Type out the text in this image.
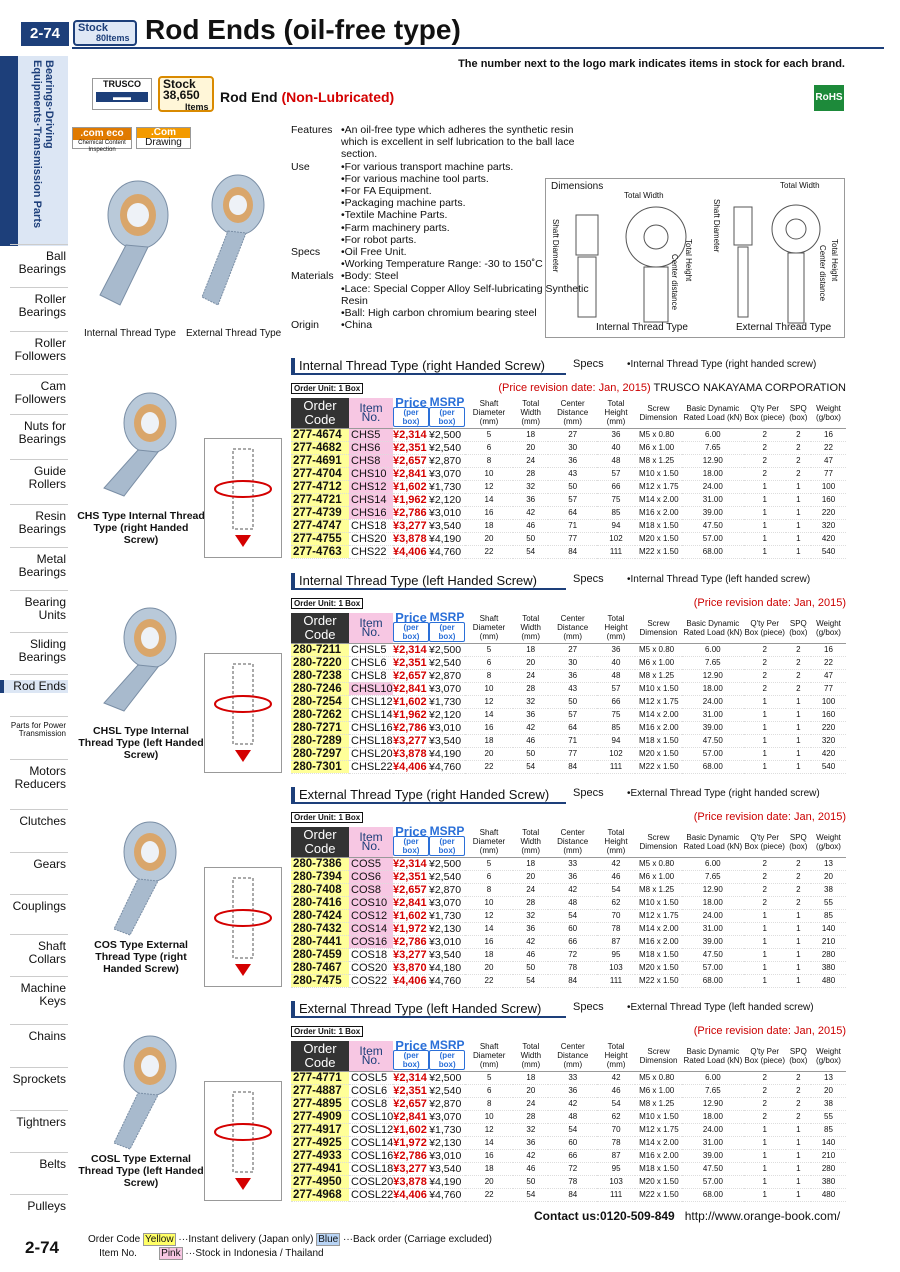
2-74	Stock
80Items Rod Ends (oil-free type)
The number next to the logo mark indicates items in stock for each brand.
Bearings·Driving Equipments·Transmission Parts	TRUSCO
▬▬
Stock
38,650
Items
Rod End (Non-Lubricated)	RoHS
.com eco
Chemical Content Inspection
.Com
Drawing
Internal Thread Type External Thread Type
Features •An oil-free type which adheres the synthetic resin which is excellent in self lubrication to the ball lace section.
Use	•For various transport machine parts.
•For various machine tool parts.
•For FA Equipment.
•Packaging machine parts.
•Textile Machine Parts.
•Farm machinery parts.
•For robot parts.
Specs	•Oil Free Unit.
•Working Temperature Range: -30 to 150˚C
Materials •Body: Steel
•Lace: Special Copper Alloy Self-lubricating Synthetic Resin
•Ball: High carbon chromium bearing steel
Origin	•China
Dimensions
Total Width
Total Width
Shaft Diameter	Total Height
Center distance
Shaft Diameter
Total Height
Center distance
Internal Thread Type	External Thread Type
Internal Thread Type (right Handed Screw)	Specs •Internal Thread Type (right handed screw)
Order Unit: 1 Box	(Price revision date: Jan, 2015) TRUSCO NAKAYAMA CORPORATION
Order Code	Item No.	Price
(per box)	MSRP
(per box)	Shaft Diameter (mm)	Total Width (mm)	Center Distance (mm)	Total Height (mm)	Screw Dimension	Basic Dynamic Rated Load (kN)	Q'ty Per Box (piece)	SPQ (box)	Weight (g/box)
277-4674	CHS5	¥2,314	¥2,500	5	18	27	36	M5 x 0.80	6.00	2	2	16
277-4682	CHS6	¥2,351	¥2,540	6	20	30	40	M6 x 1.00	7.65	2	2	22
277-4691	CHS8	¥2,657	¥2,870	8	24	36	48	M8 x 1.25	12.90	2	2	47
277-4704	CHS10	¥2,841	¥3,070	10	28	43	57	M10 x 1.50	18.00	2	2	77
277-4712	CHS12	¥1,602	¥1,730	12	32	50	66	M12 x 1.75	24.00	1	1	100
277-4721	CHS14	¥1,962	¥2,120	14	36	57	75	M14 x 2.00	31.00	1	1	160
277-4739	CHS16	¥2,786	¥3,010	16	42	64	85	M16 x 2.00	39.00	1	1	220
277-4747	CHS18	¥3,277	¥3,540	18	46	71	94	M18 x 1.50	47.50	1	1	320
277-4755	CHS20	¥3,878	¥4,190	20	50	77	102	M20 x 1.50	57.00	1	1	420
277-4763	CHS22	¥4,406	¥4,760	22	54	84	111	M22 x 1.50	68.00	1	1	540
CHS Type Internal Thread Type (right Handed Screw)
Internal Thread Type (left Handed Screw)	Specs •Internal Thread Type (left handed screw)
Order Unit: 1 Box	(Price revision date: Jan, 2015)
Order Code	Item No.	Price
(per box)	MSRP
(per box)	Shaft Diameter (mm)	Total Width (mm)	Center Distance (mm)	Total Height (mm)	Screw Dimension	Basic Dynamic Rated Load (kN)	Q'ty Per Box (piece)	SPQ (box)	Weight (g/box)
280-7211	CHSL5	¥2,314	¥2,500	5	18	27	36	M5 x 0.80	6.00	2	2	16
280-7220	CHSL6	¥2,351	¥2,540	6	20	30	40	M6 x 1.00	7.65	2	2	22
280-7238	CHSL8	¥2,657	¥2,870	8	24	36	48	M8 x 1.25	12.90	2	2	47
280-7246	CHSL10	¥2,841	¥3,070	10	28	43	57	M10 x 1.50	18.00	2	2	77
280-7254	CHSL12	¥1,602	¥1,730	12	32	50	66	M12 x 1.75	24.00	1	1	100
280-7262	CHSL14	¥1,962	¥2,120	14	36	57	75	M14 x 2.00	31.00	1	1	160
280-7271	CHSL16	¥2,786	¥3,010	16	42	64	85	M16 x 2.00	39.00	1	1	220
280-7289	CHSL18	¥3,277	¥3,540	18	46	71	94	M18 x 1.50	47.50	1	1	320
280-7297	CHSL20	¥3,878	¥4,190	20	50	77	102	M20 x 1.50	57.00	1	1	420
280-7301	CHSL22	¥4,406	¥4,760	22	54	84	111	M22 x 1.50	68.00	1	1	540
CHSL Type Internal Thread Type (left Handed Screw)
External Thread Type (right Handed Screw) Specs •External Thread Type (right handed screw)
Order Unit: 1 Box	(Price revision date: Jan, 2015)
Order Code	Item No.	Price
(per box)	MSRP
(per box)	Shaft Diameter (mm)	Total Width (mm)	Center Distance (mm)	Total Height (mm)	Screw Dimension	Basic Dynamic Rated Load (kN)	Q'ty Per Box (piece)	SPQ (box)	Weight (g/box)
280-7386	COS5	¥2,314	¥2,500	5	18	33	42	M5 x 0.80	6.00	2	2	13
280-7394	COS6	¥2,351	¥2,540	6	20	36	46	M6 x 1.00	7.65	2	2	20
280-7408	COS8	¥2,657	¥2,870	8	24	42	54	M8 x 1.25	12.90	2	2	38
280-7416	COS10	¥2,841	¥3,070	10	28	48	62	M10 x 1.50	18.00	2	2	55
280-7424	COS12	¥1,602	¥1,730	12	32	54	70	M12 x 1.75	24.00	1	1	85
280-7432	COS14	¥1,972	¥2,130	14	36	60	78	M14 x 2.00	31.00	1	1	140
280-7441	COS16	¥2,786	¥3,010	16	42	66	87	M16 x 2.00	39.00	1	1	210
280-7459	COS18	¥3,277	¥3,540	18	46	72	95	M18 x 1.50	47.50	1	1	280
280-7467	COS20	¥3,870	¥4,180	20	50	78	103	M20 x 1.50	57.00	1	1	380
280-7475	COS22	¥4,406	¥4,760	22	54	84	111	M22 x 1.50	68.00	1	1	480
COS Type External Thread Type (right Handed Screw)
External Thread Type (left Handed Screw)	Specs •External Thread Type (left handed screw)
Order Unit: 1 Box	(Price revision date: Jan, 2015)
Order Code	Item No.	Price
(per box)	MSRP
(per box)	Shaft Diameter (mm)	Total Width (mm)	Center Distance (mm)	Total Height (mm)	Screw Dimension	Basic Dynamic Rated Load (kN)	Q'ty Per Box (piece)	SPQ (box)	Weight (g/box)
277-4771	COSL5	¥2,314	¥2,500	5	18	33	42	M5 x 0.80	6.00	2	2	13
277-4887	COSL6	¥2,351	¥2,540	6	20	36	46	M6 x 1.00	7.65	2	2	20
277-4895	COSL8	¥2,657	¥2,870	8	24	42	54	M8 x 1.25	12.90	2	2	38
277-4909	COSL10	¥2,841	¥3,070	10	28	48	62	M10 x 1.50	18.00	2	2	55
277-4917	COSL12	¥1,602	¥1,730	12	32	54	70	M12 x 1.75	24.00	1	1	85
277-4925	COSL14	¥1,972	¥2,130	14	36	60	78	M14 x 2.00	31.00	1	1	140
277-4933	COSL16	¥2,786	¥3,010	16	42	66	87	M16 x 2.00	39.00	1	1	210
277-4941	COSL18	¥3,277	¥3,540	18	46	72	95	M18 x 1.50	47.50	1	1	280
277-4950	COSL20	¥3,878	¥4,190	20	50	78	103	M20 x 1.50	57.00	1	1	380
277-4968	COSL22	¥4,406	¥4,760	22	54	84	111	M22 x 1.50	68.00	1	1	480
COSL Type External Thread Type (left Handed Screw)
Contact us:0120-509-849 http://www.orange-book.com/
2-74	Order Code Yellow ···Instant delivery (Japan only) Blue ···Back order (Carriage excluded)
Item No. Pink ···Stock in Indonesia / Thailand
Ball Bearings
Roller Bearings
Roller Followers
Cam Followers
Nuts for Bearings
Guide Rollers
Resin Bearings
Metal Bearings
Bearing Units
Sliding Bearings
Rod Ends
Parts for Power Transmission
Motors Reducers
Clutches
Gears
Couplings
Shaft Collars
Machine Keys
Chains
Sprockets
Tightners
Belts
Pulleys
